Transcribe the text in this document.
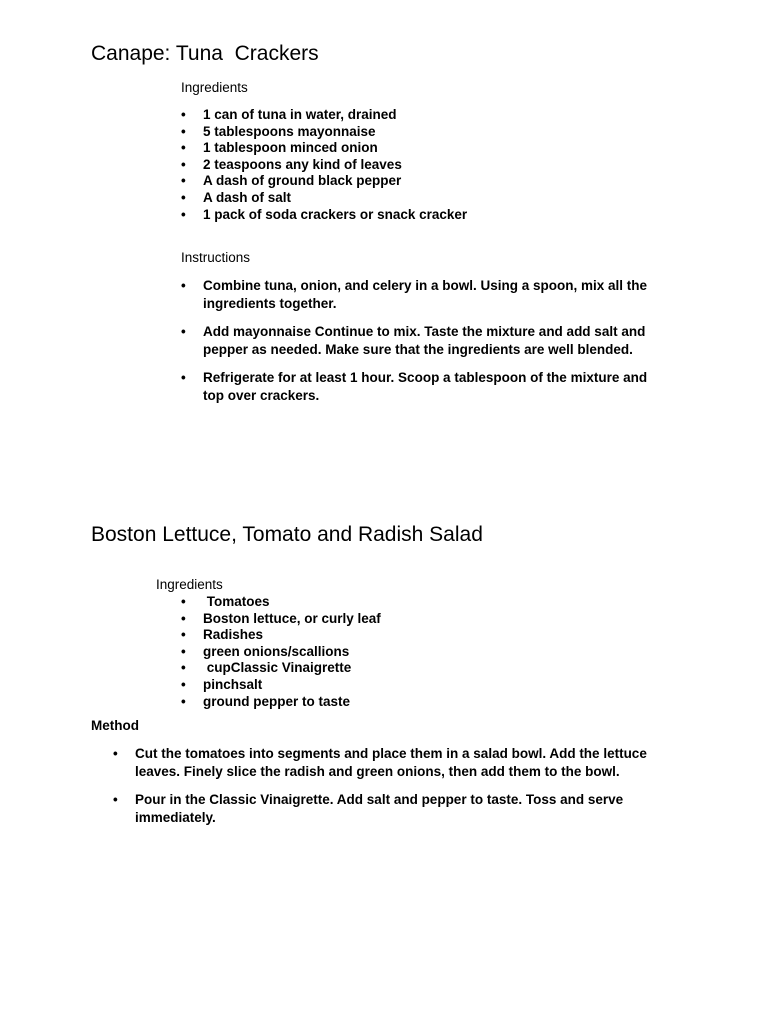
Canape: Tuna  Crackers

Ingredients

• 1 can of tuna in water, drained
• 5 tablespoons mayonnaise
• 1 tablespoon minced onion
• 2 teaspoons any kind of leaves
• A dash of ground black pepper
• A dash of salt
• 1 pack of soda crackers or snack cracker

Instructions

• Combine tuna, onion, and celery in a bowl. Using a spoon, mix all the ingredients together.
• Add mayonnaise Continue to mix. Taste the mixture and add salt and pepper as needed. Make sure that the ingredients are well blended.
• Refrigerate for at least 1 hour. Scoop a tablespoon of the mixture and top over crackers.
Boston Lettuce, Tomato and Radish Salad

Ingredients

•  Tomatoes
• Boston lettuce, or curly leaf
• Radishes
• green onions/scallions
•  cupClassic Vinaigrette
• pinchsalt
• ground pepper to taste

Method

• Cut the tomatoes into segments and place them in a salad bowl. Add the lettuce leaves. Finely slice the radish and green onions, then add them to the bowl.
• Pour in the Classic Vinaigrette. Add salt and pepper to taste. Toss and serve immediately.
